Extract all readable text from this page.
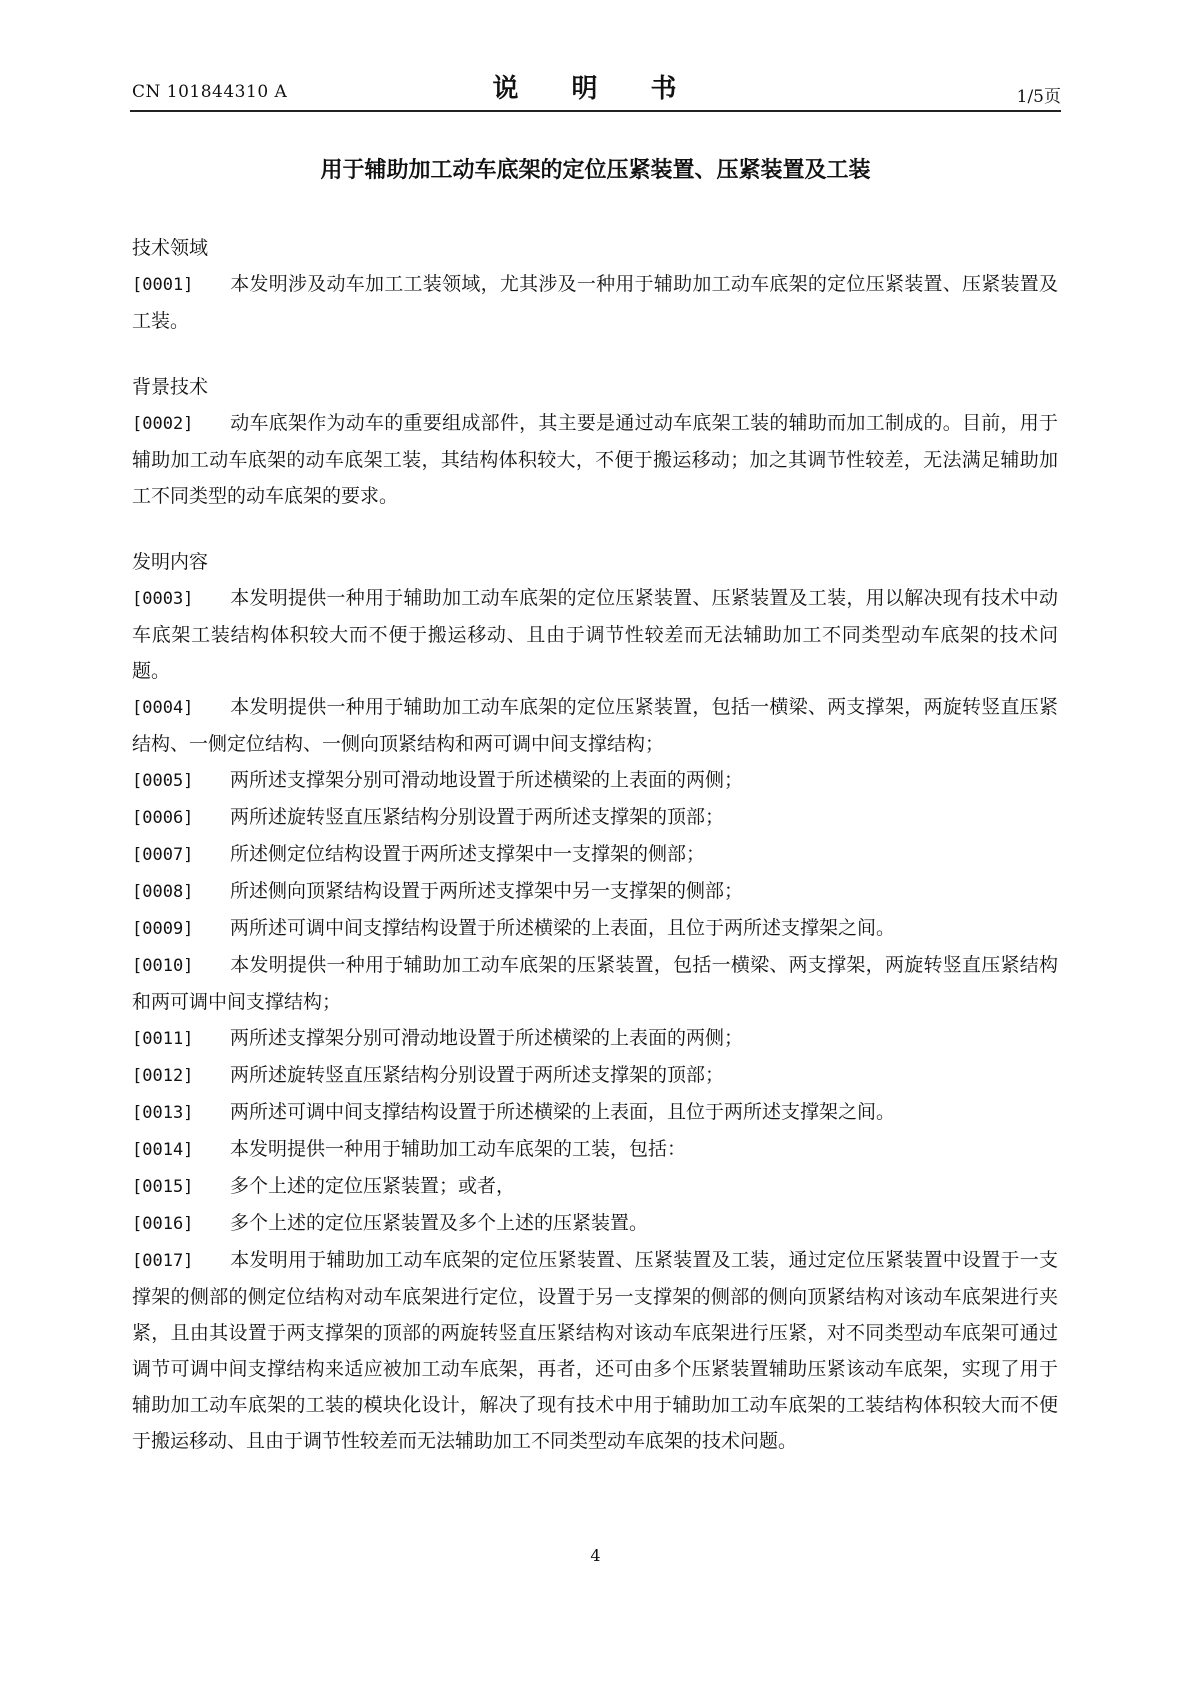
CN 101844310 A	说 明 书	1/5页
用于辅助加工动车底架的定位压紧装置、压紧装置及工装
技术领域
[0001] 本发明涉及动车加工工装领域，尤其涉及一种用于辅助加工动车底架的定位压紧装置、压紧装置及工装。
背景技术
[0002] 动车底架作为动车的重要组成部件，其主要是通过动车底架工装的辅助而加工制成的。目前，用于辅助加工动车底架的动车底架工装，其结构体积较大，不便于搬运移动；加之其调节性较差，无法满足辅助加工不同类型的动车底架的要求。
发明内容
[0003] 本发明提供一种用于辅助加工动车底架的定位压紧装置、压紧装置及工装，用以解决现有技术中动车底架工装结构体积较大而不便于搬运移动、且由于调节性较差而无法辅助加工不同类型动车底架的技术问题。
[0004] 本发明提供一种用于辅助加工动车底架的定位压紧装置，包括一横梁、两支撑架，两旋转竖直压紧结构、一侧定位结构、一侧向顶紧结构和两可调中间支撑结构；
[0005] 两所述支撑架分别可滑动地设置于所述横梁的上表面的两侧；
[0006] 两所述旋转竖直压紧结构分别设置于两所述支撑架的顶部；
[0007] 所述侧定位结构设置于两所述支撑架中一支撑架的侧部；
[0008] 所述侧向顶紧结构设置于两所述支撑架中另一支撑架的侧部；
[0009] 两所述可调中间支撑结构设置于所述横梁的上表面，且位于两所述支撑架之间。
[0010] 本发明提供一种用于辅助加工动车底架的压紧装置，包括一横梁、两支撑架，两旋转竖直压紧结构和两可调中间支撑结构；
[0011] 两所述支撑架分别可滑动地设置于所述横梁的上表面的两侧；
[0012] 两所述旋转竖直压紧结构分别设置于两所述支撑架的顶部；
[0013] 两所述可调中间支撑结构设置于所述横梁的上表面，且位于两所述支撑架之间。
[0014] 本发明提供一种用于辅助加工动车底架的工装，包括：
[0015] 多个上述的定位压紧装置；或者，
[0016] 多个上述的定位压紧装置及多个上述的压紧装置。
[0017] 本发明用于辅助加工动车底架的定位压紧装置、压紧装置及工装，通过定位压紧装置中设置于一支撑架的侧部的侧定位结构对动车底架进行定位，设置于另一支撑架的侧部的侧向顶紧结构对该动车底架进行夹紧，且由其设置于两支撑架的顶部的两旋转竖直压紧结构对该动车底架进行压紧，对不同类型动车底架可通过调节可调中间支撑结构来适应被加工动车底架，再者，还可由多个压紧装置辅助压紧该动车底架，实现了用于辅助加工动车底架的工装的模块化设计，解决了现有技术中用于辅助加工动车底架的工装结构体积较大而不便于搬运移动、且由于调节性较差而无法辅助加工不同类型动车底架的技术问题。
4
